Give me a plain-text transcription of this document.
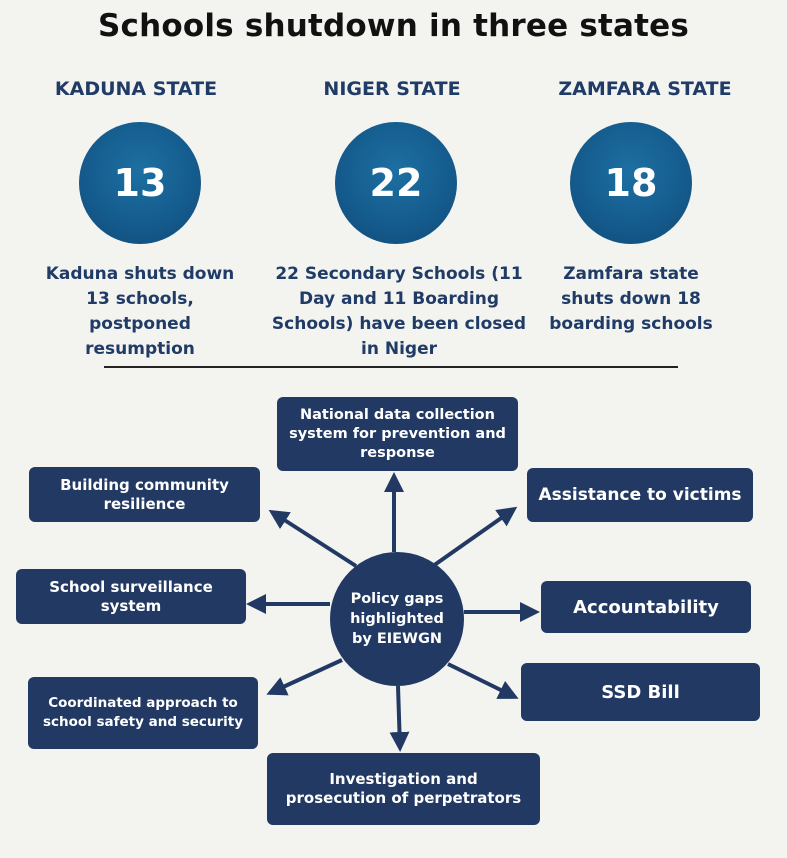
Schools shutdown in three states
KADUNA STATE	NIGER STATE	ZAMFARA STATE
13	22	18
Kaduna shuts down 13 schools, postponed resumption
22 Secondary Schools (11 Day and 11 Boarding Schools) have been closed in Niger
Zamfara state shuts down 18 boarding schools
Policy gaps highlighted by EIEWGN
National data collection system for prevention and response
Assistance to victims
Accountability
SSD Bill
Investigation and prosecution of perpetrators
Coordinated approach to school safety and security
School surveillance system
Building community resilience
